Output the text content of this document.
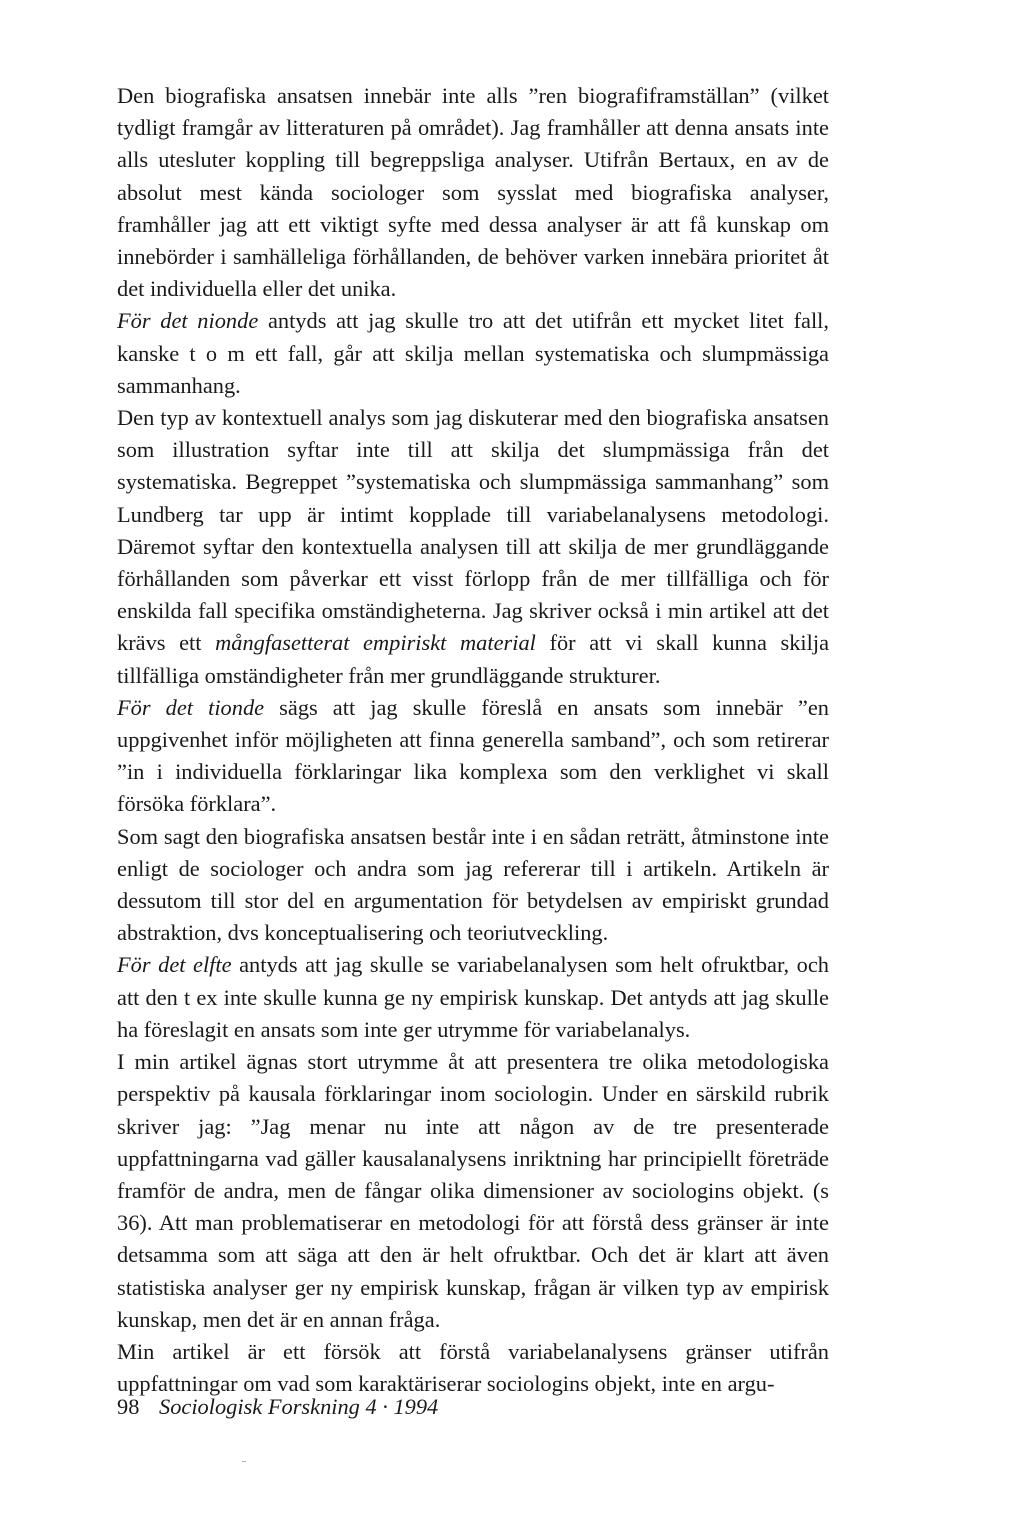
Den biografiska ansatsen innebär inte alls ”ren biografiframställan” (vilket tydligt framgår av litteraturen på området). Jag framhåller att denna ansats inte alls utesluter koppling till begreppsliga analyser. Utifrån Bertaux, en av de absolut mest kända sociologer som sysslat med biografiska analyser, framhåller jag att ett viktigt syfte med dessa analyser är att få kunskap om innebörder i samhälleliga förhållanden, de behöver varken innebära prioritet åt det individuella eller det unika.

För det nionde antyds att jag skulle tro att det utifrån ett mycket litet fall, kanske t o m ett fall, går att skilja mellan systematiska och slumpmässiga sammanhang.

Den typ av kontextuell analys som jag diskuterar med den biografiska ansatsen som illustration syftar inte till att skilja det slumpmässiga från det systematiska. Begreppet ”systematiska och slumpmässiga sammanhang” som Lundberg tar upp är intimt kopplade till variabelanalysens metodologi. Däremot syftar den kontextuella analysen till att skilja de mer grundläggande förhållanden som påverkar ett visst förlopp från de mer tillfälliga och för enskilda fall specifika omständigheterna. Jag skriver också i min artikel att det krävs ett mångfasetterat empiriskt material för att vi skall kunna skilja tillfälliga omständigheter från mer grundläggande strukturer.

För det tionde sägs att jag skulle föreslå en ansats som innebär ”en uppgivenhet inför möjligheten att finna generella samband”, och som retirerar ”in i individuella förklaringar lika komplexa som den verklighet vi skall försöka förklara”.

Som sagt den biografiska ansatsen består inte i en sådan reträtt, åtminstone inte enligt de sociologer och andra som jag refererar till i artikeln. Artikeln är dessutom till stor del en argumentation för betydelsen av empiriskt grundad abstraktion, dvs konceptualisering och teoriutveckling.

För det elfte antyds att jag skulle se variabelanalysen som helt ofruktbar, och att den t ex inte skulle kunna ge ny empirisk kunskap. Det antyds att jag skulle ha föreslagit en ansats som inte ger utrymme för variabelanalys.

I min artikel ägnas stort utrymme åt att presentera tre olika metodologiska perspektiv på kausala förklaringar inom sociologin. Under en särskild rubrik skriver jag: ”Jag menar nu inte att någon av de tre presenterade uppfattningarna vad gäller kausalanalysens inriktning har principiellt företräde framför de andra, men de fångar olika dimensioner av sociologins objekt. (s 36). Att man problematiserar en metodologi för att förstå dess gränser är inte detsamma som att säga att den är helt ofruktbar. Och det är klart att även statistiska analyser ger ny empirisk kunskap, frågan är vilken typ av empirisk kunskap, men det är en annan fråga.

Min artikel är ett försök att förstå variabelanalysens gränser utifrån uppfattningar om vad som karaktäriserar sociologins objekt, inte en argu-

98 Sociologisk Forskning 4 · 1994
